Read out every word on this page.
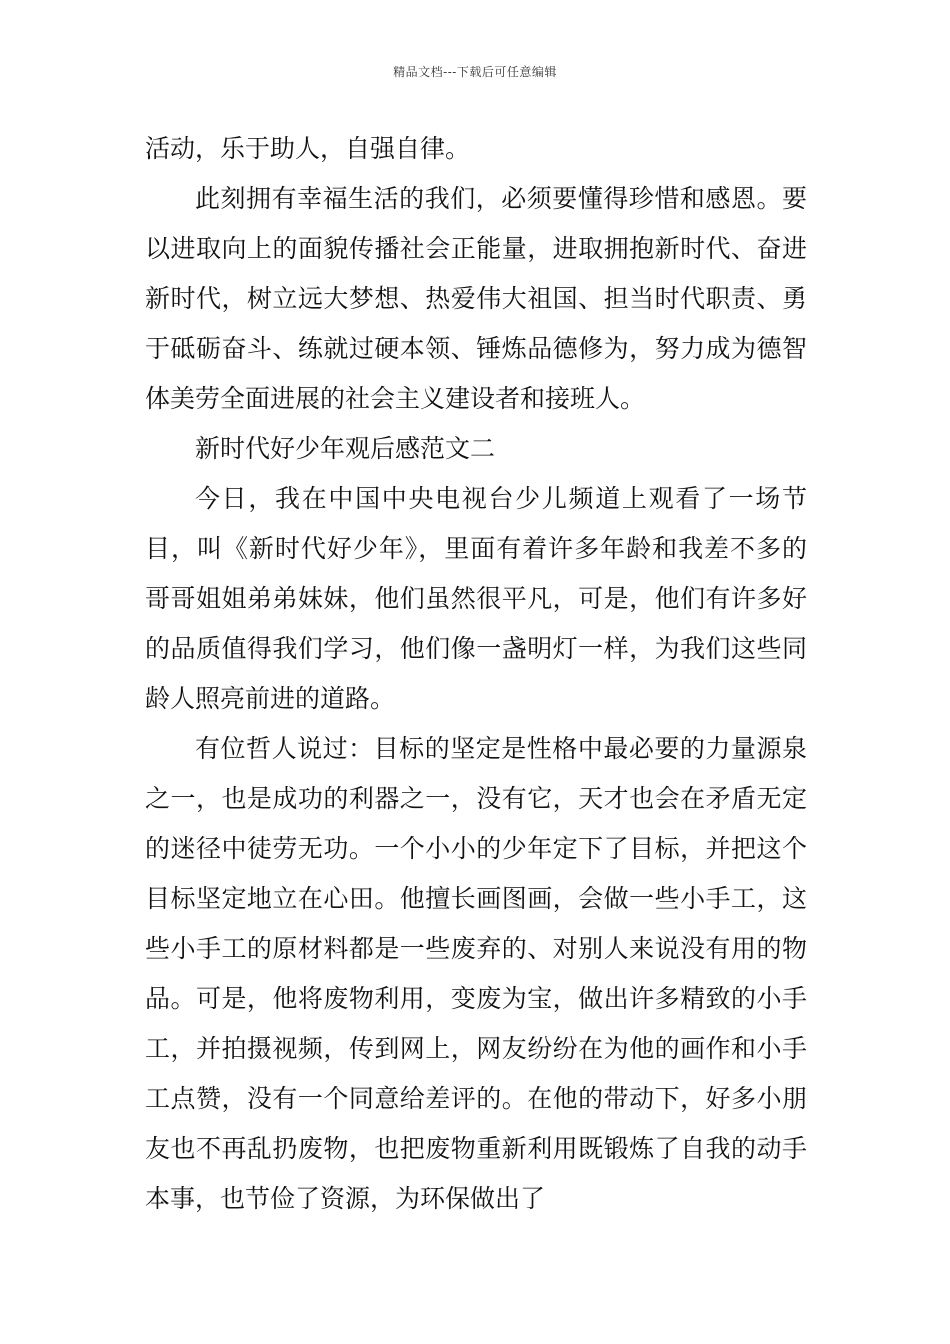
精品文档---下载后可任意编辑

活动，乐于助人，自强自律。

此刻拥有幸福生活的我们，必须要懂得珍惜和感恩。要以进取向上的面貌传播社会正能量，进取拥抱新时代、奋进新时代，树立远大梦想、热爱伟大祖国、担当时代职责、勇于砥砺奋斗、练就过硬本领、锤炼品德修为，努力成为德智体美劳全面进展的社会主义建设者和接班人。

新时代好少年观后感范文二

今日，我在中国中央电视台少儿频道上观看了一场节目，叫《新时代好少年》，里面有着许多年龄和我差不多的哥哥姐姐弟弟妹妹，他们虽然很平凡，可是，他们有许多好的品质值得我们学习，他们像一盏明灯一样，为我们这些同龄人照亮前进的道路。

有位哲人说过：目标的坚定是性格中最必要的力量源泉之一，也是成功的利器之一，没有它，天才也会在矛盾无定的迷径中徒劳无功。一个小小的少年定下了目标，并把这个目标坚定地立在心田。他擅长画图画，会做一些小手工，这些小手工的原材料都是一些废弃的、对别人来说没有用的物品。可是，他将废物利用，变废为宝，做出许多精致的小手工，并拍摄视频，传到网上，网友纷纷在为他的画作和小手工点赞，没有一个同意给差评的。在他的带动下，好多小朋友也不再乱扔废物，也把废物重新利用既锻炼了自我的动手本事，也节俭了资源，为环保做出了
